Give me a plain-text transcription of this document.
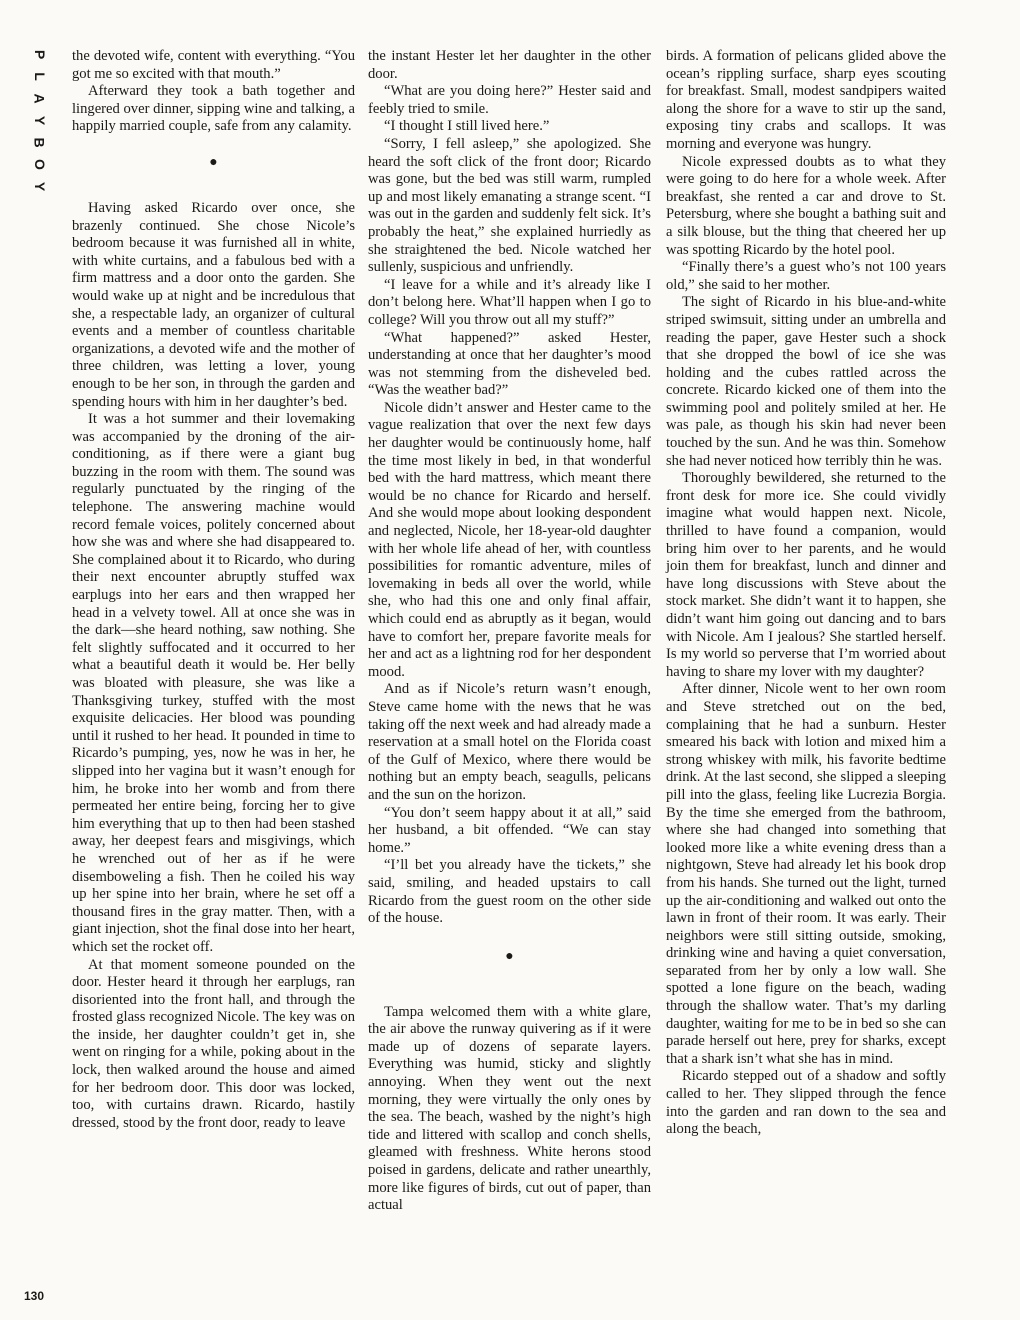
P
L
A
Y
B
O
Y
130

the devoted wife, content with everything. “You got me so excited with that mouth.”

Afterward they took a bath together and lingered over dinner, sipping wine and talking, a happily married couple, safe from any calamity.

●

Having asked Ricardo over once, she brazenly continued. She chose Nicole’s bedroom because it was furnished all in white, with white curtains, and a fabulous bed with a firm mattress and a door onto the garden. She would wake up at night and be incredulous that she, a respectable lady, an organizer of cultural events and a member of countless charitable organizations, a devoted wife and the mother of three children, was letting a lover, young enough to be her son, in through the garden and spending hours with him in her daughter’s bed.

It was a hot summer and their lovemaking was accompanied by the droning of the air-conditioning, as if there were a giant bug buzzing in the room with them. The sound was regularly punctuated by the ringing of the telephone. The answering machine would record female voices, politely concerned about how she was and where she had disappeared to. She complained about it to Ricardo, who during their next encounter abruptly stuffed wax earplugs into her ears and then wrapped her head in a velvety towel. All at once she was in the dark—she heard nothing, saw nothing. She felt slightly suffocated and it occurred to her what a beautiful death it would be. Her belly was bloated with pleasure, she was like a Thanksgiving turkey, stuffed with the most exquisite delicacies. Her blood was pounding until it rushed to her head. It pounded in time to Ricardo’s pumping, yes, now he was in her, he slipped into her vagina but it wasn’t enough for him, he broke into her womb and from there permeated her entire being, forcing her to give him everything that up to then had been stashed away, her deepest fears and misgivings, which he wrenched out of her as if he were disemboweling a fish. Then he coiled his way up her spine into her brain, where he set off a thousand fires in the gray matter. Then, with a giant injection, shot the final dose into her heart, which set the rocket off.

At that moment someone pounded on the door. Hester heard it through her earplugs, ran disoriented into the front hall, and through the frosted glass recognized Nicole. The key was on the inside, her daughter couldn’t get in, she went on ringing for a while, poking about in the lock, then walked around the house and aimed for her bedroom door. This door was locked, too, with curtains drawn. Ricardo, hastily dressed, stood by the front door, ready to leave

the instant Hester let her daughter in the other door.

“What are you doing here?” Hester said and feebly tried to smile.

“I thought I still lived here.”

“Sorry, I fell asleep,” she apologized. She heard the soft click of the front door; Ricardo was gone, but the bed was still warm, rumpled up and most likely emanating a strange scent. “I was out in the garden and suddenly felt sick. It’s probably the heat,” she explained hurriedly as she straightened the bed. Nicole watched her sullenly, suspicious and unfriendly.

“I leave for a while and it’s already like I don’t belong here. What’ll happen when I go to college? Will you throw out all my stuff?”

“What happened?” asked Hester, understanding at once that her daughter’s mood was not stemming from the disheveled bed. “Was the weather bad?”

Nicole didn’t answer and Hester came to the vague realization that over the next few days her daughter would be continuously home, half the time most likely in bed, in that wonderful bed with the hard mattress, which meant there would be no chance for Ricardo and herself. And she would mope about looking despondent and neglected, Nicole, her 18-year-old daughter with her whole life ahead of her, with countless possibilities for romantic adventure, miles of lovemaking in beds all over the world, while she, who had this one and only final affair, which could end as abruptly as it began, would have to comfort her, prepare favorite meals for her and act as a lightning rod for her despondent mood.

And as if Nicole’s return wasn’t enough, Steve came home with the news that he was taking off the next week and had already made a reservation at a small hotel on the Florida coast of the Gulf of Mexico, where there would be nothing but an empty beach, seagulls, pelicans and the sun on the horizon.

“You don’t seem happy about it at all,” said her husband, a bit offended. “We can stay home.”

“I’ll bet you already have the tickets,” she said, smiling, and headed upstairs to call Ricardo from the guest room on the other side of the house.

●

Tampa welcomed them with a white glare, the air above the runway quivering as if it were made up of dozens of separate layers. Everything was humid, sticky and slightly annoying. When they went out the next morning, they were virtually the only ones by the sea. The beach, washed by the night’s high tide and littered with scallop and conch shells, gleamed with freshness. White herons stood poised in gardens, delicate and rather unearthly, more like figures of birds, cut out of paper, than actual

birds. A formation of pelicans glided above the ocean’s rippling surface, sharp eyes scouting for breakfast. Small, modest sandpipers waited along the shore for a wave to stir up the sand, exposing tiny crabs and scallops. It was morning and everyone was hungry.

Nicole expressed doubts as to what they were going to do here for a whole week. After breakfast, she rented a car and drove to St. Petersburg, where she bought a bathing suit and a silk blouse, but the thing that cheered her up was spotting Ricardo by the hotel pool.

“Finally there’s a guest who’s not 100 years old,” she said to her mother.

The sight of Ricardo in his blue-and-white striped swimsuit, sitting under an umbrella and reading the paper, gave Hester such a shock that she dropped the bowl of ice she was holding and the cubes rattled across the concrete. Ricardo kicked one of them into the swimming pool and politely smiled at her. He was pale, as though his skin had never been touched by the sun. And he was thin. Somehow she had never noticed how terribly thin he was.

Thoroughly bewildered, she returned to the front desk for more ice. She could vividly imagine what would happen next. Nicole, thrilled to have found a companion, would bring him over to her parents, and he would join them for breakfast, lunch and dinner and have long discussions with Steve about the stock market. She didn’t want it to happen, she didn’t want him going out dancing and to bars with Nicole. Am I jealous? She startled herself. Is my world so perverse that I’m worried about having to share my lover with my daughter?

After dinner, Nicole went to her own room and Steve stretched out on the bed, complaining that he had a sunburn. Hester smeared his back with lotion and mixed him a strong whiskey with milk, his favorite bedtime drink. At the last second, she slipped a sleeping pill into the glass, feeling like Lucrezia Borgia. By the time she emerged from the bathroom, where she had changed into something that looked more like a white evening dress than a nightgown, Steve had already let his book drop from his hands. She turned out the light, turned up the air-conditioning and walked out onto the lawn in front of their room. It was early. Their neighbors were still sitting outside, smoking, drinking wine and having a quiet conversation, separated from her by only a low wall. She spotted a lone figure on the beach, wading through the shallow water. That’s my darling daughter, waiting for me to be in bed so she can parade herself out here, prey for sharks, except that a shark isn’t what she has in mind.

Ricardo stepped out of a shadow and softly called to her. They slipped through the fence into the garden and ran down to the sea and along the beach,
